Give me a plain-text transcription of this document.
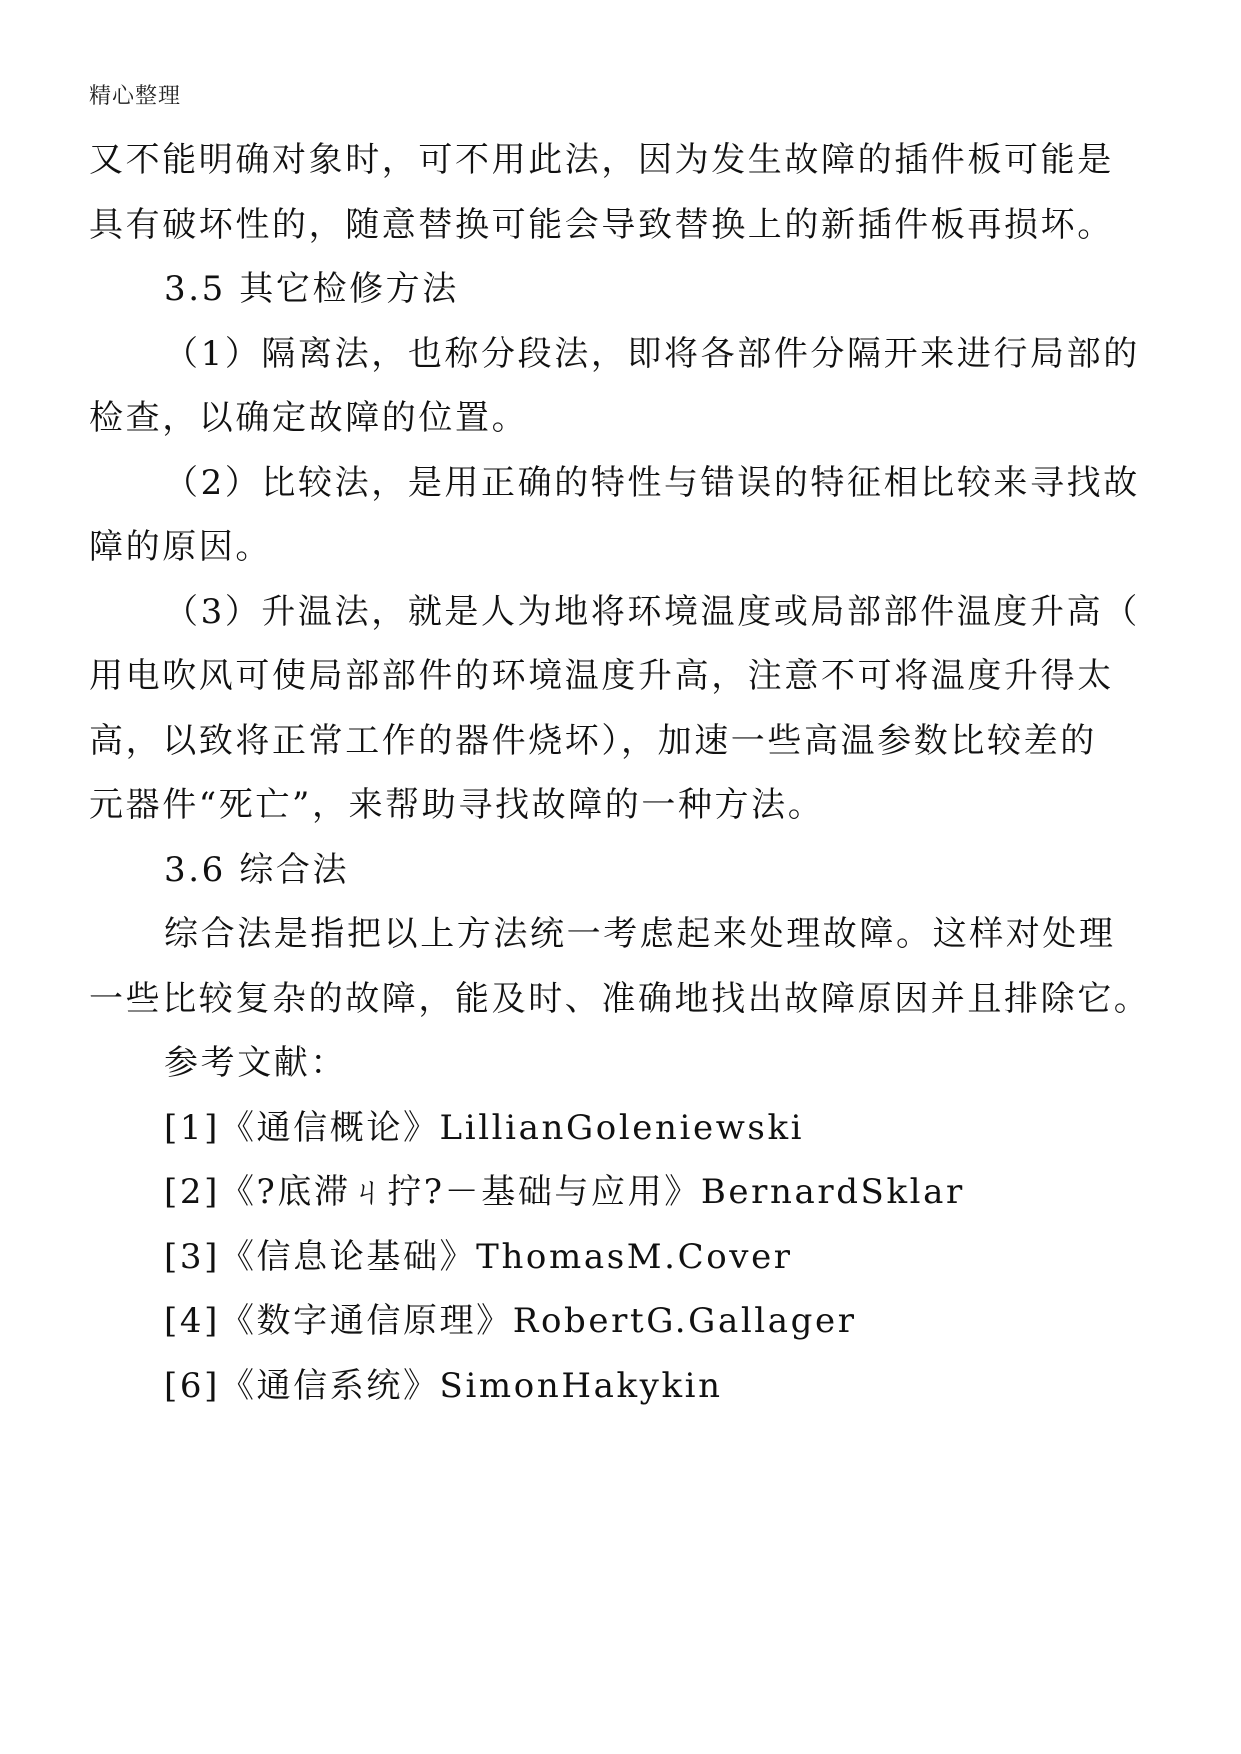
精心整理

又不能明确对象时，可不用此法，因为发生故障的插件板可能是
具有破坏性的，随意替换可能会导致替换上的新插件板再损坏。

3.5 其它检修方法

（1）隔离法，也称分段法，即将各部件分隔开来进行局部的
检查，以确定故障的位置。

（2）比较法，是用正确的特性与错误的特征相比较来寻找故
障的原因。

（3）升温法，就是人为地将环境温度或局部部件温度升高（
用电吹风可使局部部件的环境温度升高，注意不可将温度升得太
高，以致将正常工作的器件烧坏），加速一些高温参数比较差的
元器件“死亡”，来帮助寻找故障的一种方法。

3.6 综合法

综合法是指把以上方法统一考虑起来处理故障。这样对处理
一些比较复杂的故障，能及时、准确地找出故障原因并且排除它。

参考文献：

[1]《通信概论》LillianGoleniewski

[2]《?底滞ㄐ拧?－基础与应用》BernardSklar

[3]《信息论基础》ThomasM.Cover

[4]《数字通信原理》RobertG.Gallager

[6]《通信系统》SimonHakykin
